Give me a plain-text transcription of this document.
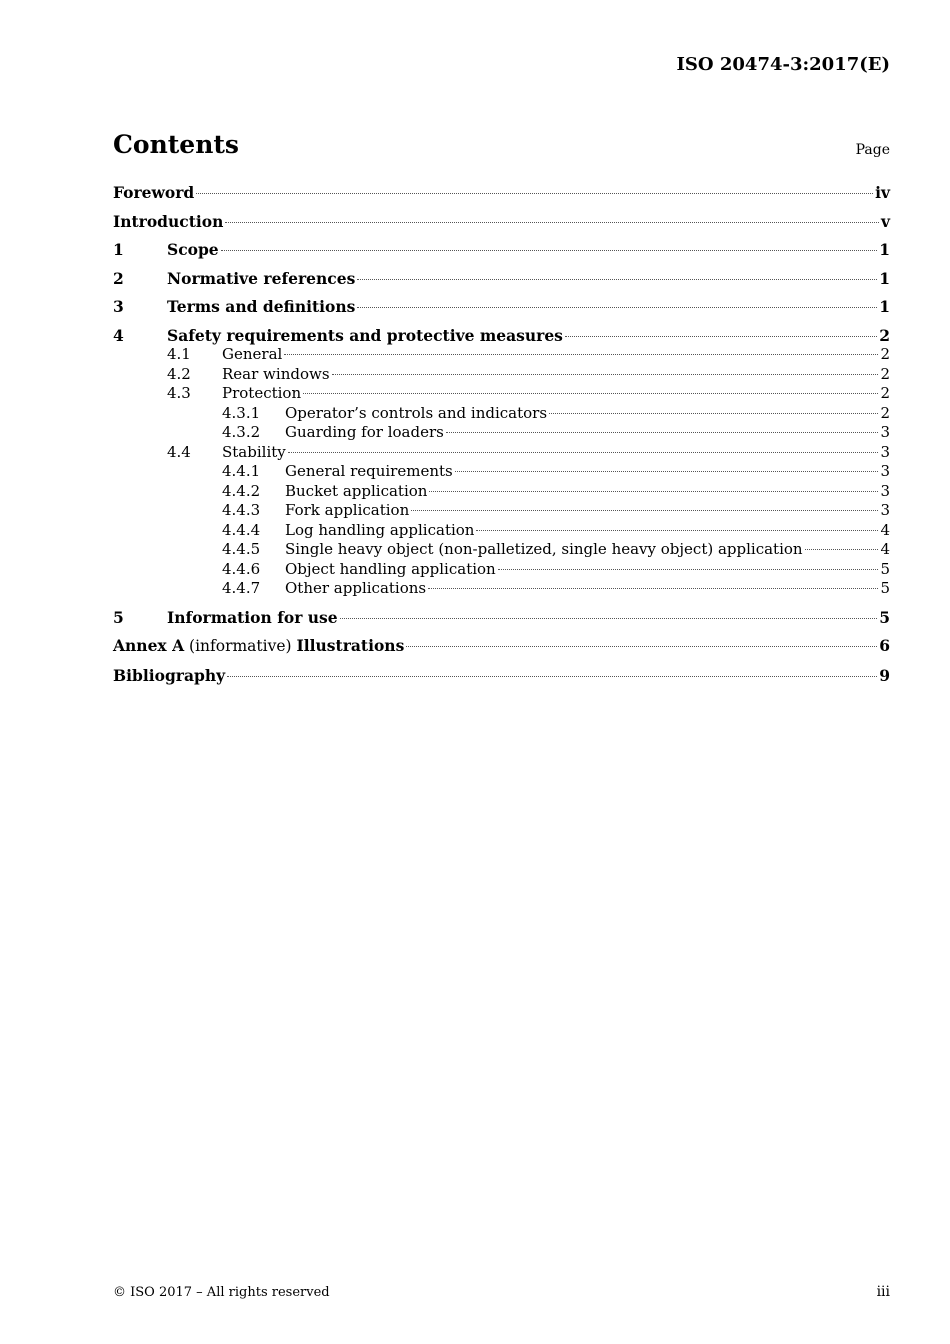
ISO 20474-3:2017(E)
Contents	Page
Foreword	iv
Introduction	v
1	Scope	1
2	Normative references	1
3	Terms and definitions	1
4	Safety requirements and protective measures	2
4.1	General	2
4.2	Rear windows	2
4.3	Protection	2
4.3.1	Operator’s controls and indicators	2
4.3.2	Guarding for loaders	3
4.4	Stability	3
4.4.1	General requirements	3
4.4.2	Bucket application	3
4.4.3	Fork application	3
4.4.4	Log handling application	4
4.4.5	Single heavy object (non-palletized, single heavy object) application	4
4.4.6	Object handling application	5
4.4.7	Other applications	5
5	Information for use	5
Annex A (informative) Illustrations	6
Bibliography	9
© ISO 2017 – All rights reserved	iii
